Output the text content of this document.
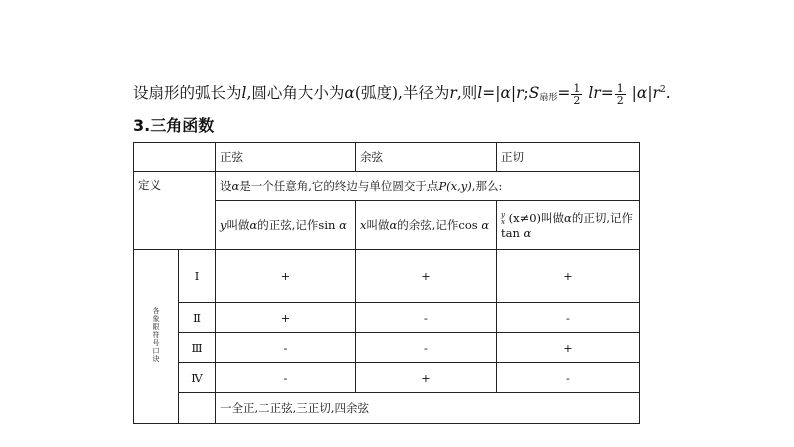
设扇形的弧长为l,圆心角大小为α(弧度),半径为r,则$l=|\alpha|r;S_{扇形}= \frac{1}{2} lr= \frac{1}{2} |\alpha|r^2$.
3.三角函数
		正弦	余弦	正切
定义		设α是一个任意角,它的终边与单位圆交于点P(x,y),那么:		
		y叫做α的正弦,记作sin α	x叫做α的余弦,记作cos α	y
x (x≠0)叫做α的正切,记作
tan α
各象限符号口诀	Ⅰ	+	+	+
	Ⅱ	+	-	-
	Ⅲ	-	-	+
	Ⅳ	-	+	-
		一全正,二正弦,三正切,四余弦		
